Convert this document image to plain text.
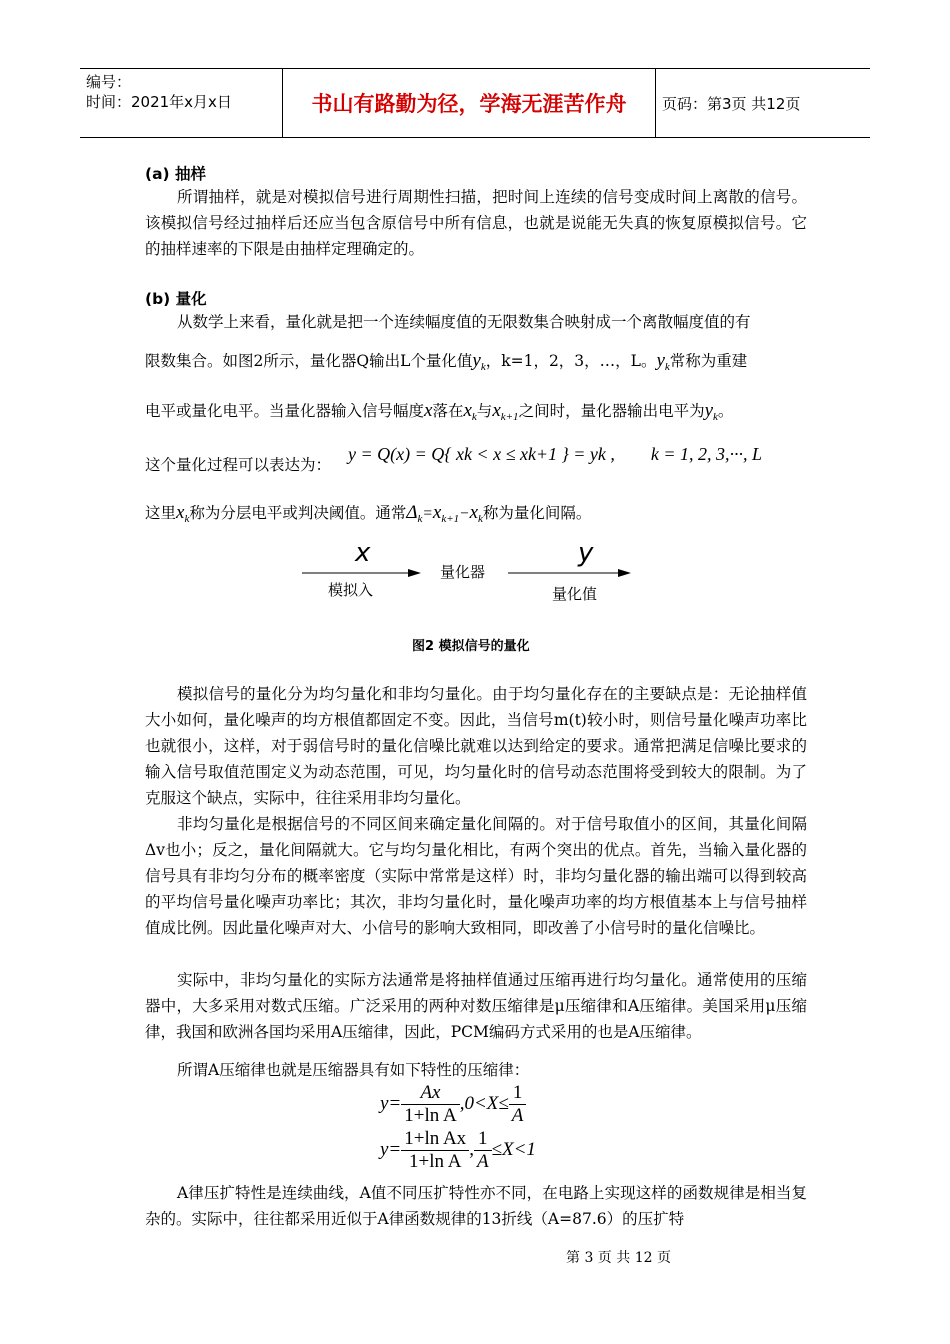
编号：
时间：2021年x月x日	书山有路勤为径，学海无涯苦作舟	页码：第3页 共12页
(a) 抽样

所谓抽样，就是对模拟信号进行周期性扫描，把时间上连续的信号变成时间上离散的信号。该模拟信号经过抽样后还应当包含原信号中所有信息，也就是说能无失真的恢复原模拟信号。它的抽样速率的下限是由抽样定理确定的。

(b) 量化

从数学上来看，量化就是把一个连续幅度值的无限数集合映射成一个离散幅度值的有

限数集合。如图2所示，量化器Q输出L个量化值$y_k$，k=1，2，3，…，L。$y_k$常称为重建

电平或量化电平。当量化器输入信号幅度x落在$x_k$与$x_{k+1}$之间时，量化器输出电平为$y_k$。

这个量化过程可以表达为：

y = Q(x) = Q{ xk < x ≤ xk+1 } = yk ,        k = 1, 2, 3,···, L

这里$x_k$称为分层电平或判决阈值。通常$\Delta_k=x_{k+1}-x_k$称为量化间隔。

x	y
量化器
模拟入	量化值
图2 模拟信号的量化

模拟信号的量化分为均匀量化和非均匀量化。由于均匀量化存在的主要缺点是：无论抽样值大小如何，量化噪声的均方根值都固定不变。因此，当信号m(t)较小时，则信号量化噪声功率比也就很小，这样，对于弱信号时的量化信噪比就难以达到给定的要求。通常把满足信噪比要求的输入信号取值范围定义为动态范围，可见，均匀量化时的信号动态范围将受到较大的限制。为了克服这个缺点，实际中，往往采用非均匀量化。

非均匀量化是根据信号的不同区间来确定量化间隔的。对于信号取值小的区间，其量化间隔Δv也小；反之，量化间隔就大。它与均匀量化相比，有两个突出的优点。首先，当输入量化器的信号具有非均匀分布的概率密度（实际中常常是这样）时，非均匀量化器的输出端可以得到较高的平均信号量化噪声功率比；其次，非均匀量化时，量化噪声功率的均方根值基本上与信号抽样值成比例。因此量化噪声对大、小信号的影响大致相同，即改善了小信号时的量化信噪比。

实际中，非均匀量化的实际方法通常是将抽样值通过压缩再进行均匀量化。通常使用的压缩器中，大多采用对数式压缩。广泛采用的两种对数压缩律是μ压缩律和A压缩律。美国采用μ压缩律，我国和欧洲各国均采用A压缩律，因此，PCM编码方式采用的也是A压缩律。

所谓A压缩律也就是压缩器具有如下特性的压缩律：

$y= \frac{Ax}{\text{1+ln A}} ,0<X\le \frac{1}{A}$
$y= \frac{\text{1+ln Ax}}{\text{1+ln A}}$ , $\frac{1}{A} \le X<1$

A律压扩特性是连续曲线，A值不同压扩特性亦不同，在电路上实现这样的函数规律是相当复杂的。实际中，往往都采用近似于A律函数规律的13折线（A=87.6）的压扩特

第 3 页 共 12 页
